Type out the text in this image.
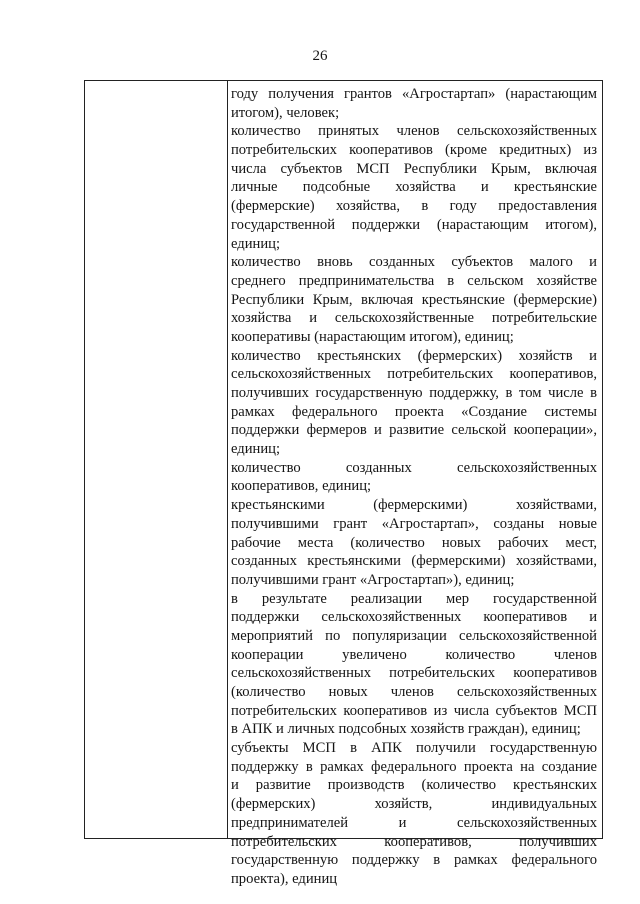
26
году получения грантов «Агростартап» (нарастающим
итогом), человек;
количество принятых членов сельскохозяйственных
потребительских кооперативов (кроме кредитных) из
числа субъектов МСП Республики Крым, включая
личные подсобные хозяйства и крестьянские
(фермерские) хозяйства, в году предоставления
государственной поддержки (нарастающим итогом),
единиц;
количество вновь созданных субъектов малого и
среднего предпринимательства в сельском хозяйстве
Республики Крым, включая крестьянские (фермерские)
хозяйства и сельскохозяйственные потребительские
кооперативы (нарастающим итогом), единиц;
количество крестьянских (фермерских) хозяйств и
сельскохозяйственных потребительских кооперативов,
получивших государственную поддержку, в том числе в
рамках федерального проекта «Создание системы
поддержки фермеров и развитие сельской кооперации»,
единиц;
количество созданных сельскохозяйственных
кооперативов, единиц;
крестьянскими (фермерскими) хозяйствами,
получившими грант «Агростартап», созданы новые
рабочие места (количество новых рабочих мест,
созданных крестьянскими (фермерскими) хозяйствами,
получившими грант «Агростартап»), единиц;
в результате реализации мер государственной
поддержки сельскохозяйственных кооперативов и
мероприятий по популяризации сельскохозяйственной
кооперации увеличено количество членов
сельскохозяйственных потребительских кооперативов
(количество новых членов сельскохозяйственных
потребительских кооперативов из числа субъектов МСП
в АПК и личных подсобных хозяйств граждан), единиц;
субъекты МСП в АПК получили государственную
поддержку в рамках федерального проекта на создание
и развитие производств (количество крестьянских
(фермерских) хозяйств, индивидуальных
предпринимателей и сельскохозяйственных
потребительских кооперативов, получивших
государственную поддержку в рамках федерального
проекта), единиц
